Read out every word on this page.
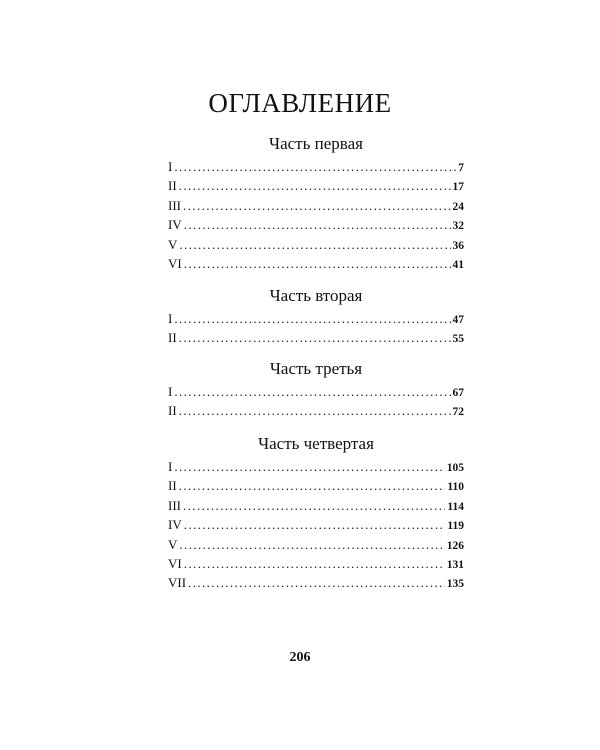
ОГЛАВЛЕНИЕ
Часть первая
I .....	7
II .....	17
III .....	24
IV .....	32
V .....	36
VI .....	41
Часть вторая
I .....	47
II .....	55
Часть третья
I .....	67
II .....	72
Часть четвертая
I .....	105
II .....	110
III .....	114
IV .....	119
V .....	126
VI .....	131
VII .....	135
206
